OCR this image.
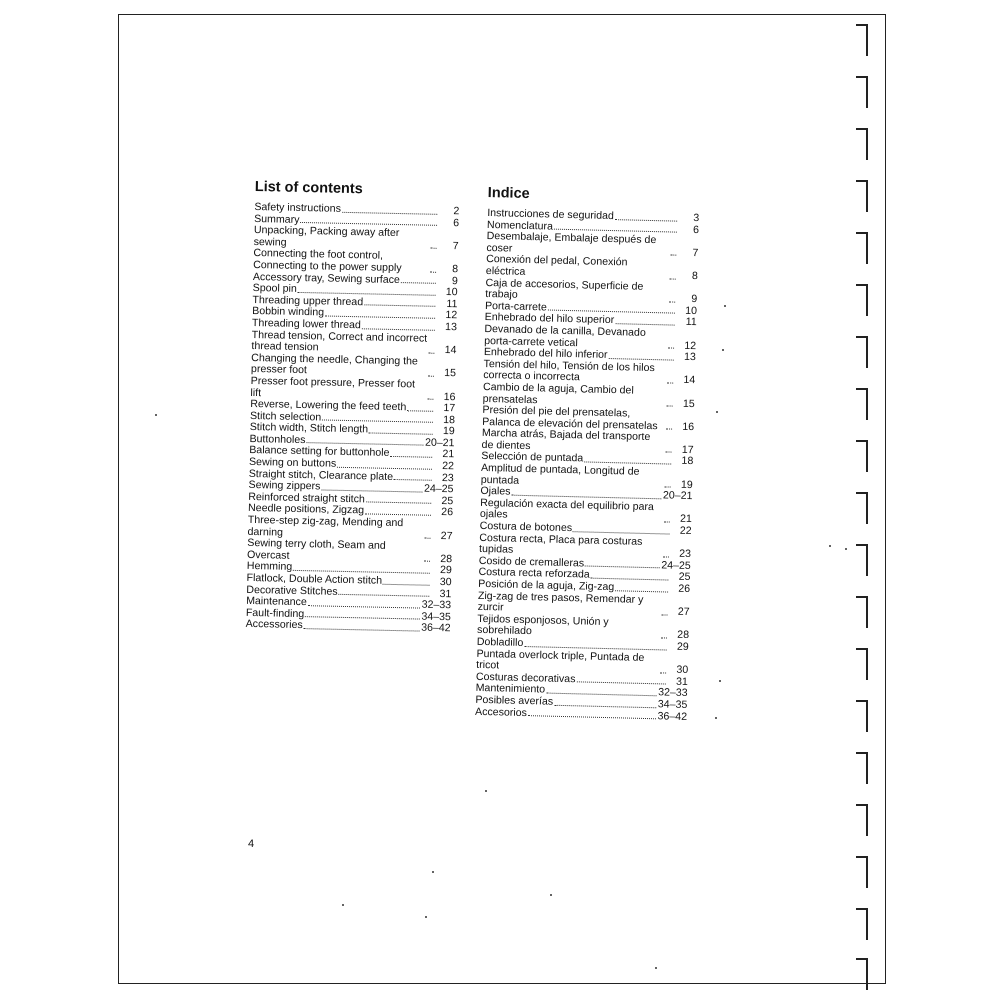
List of contents
Safety instructions	2
Summary	6
Unpacking, Packing away after sewing	7
Connecting the foot control, Connecting to the power supply	8
Accessory tray, Sewing surface	9
Spool pin	10
Threading upper thread	11
Bobbin winding	12
Threading lower thread	13
Thread tension, Correct and incorrect thread tension	14
Changing the needle, Changing the presser foot	15
Presser foot pressure, Presser foot lift	16
Reverse, Lowering the feed teeth	17
Stitch selection	18
Stitch width, Stitch length	19
Buttonholes	20–21
Balance setting for buttonhole	21
Sewing on buttons	22
Straight stitch, Clearance plate	23
Sewing zippers	24–25
Reinforced straight stitch	25
Needle positions, Zigzag	26
Three-step zig-zag, Mending and darning	27
Sewing terry cloth, Seam and Overcast	28
Hemming	29
Flatlock, Double Action stitch	30
Decorative Stitches	31
Maintenance	32–33
Fault-finding	34–35
Accessories	36–42
Indice
Instrucciones de seguridad	3
Nomenclatura	6
Desembalaje, Embalaje después de coser	7
Conexión del pedal, Conexión eléctrica	8
Caja de accesorios, Superficie de trabajo	9
Porta-carrete	10
Enhebrado del hilo superior	11
Devanado de la canilla, Devanado porta-carrete vetical	12
Enhebrado del hilo inferior	13
Tensión del hilo, Tensión de los hilos correcta o incorrecta	14
Cambio de la aguja, Cambio del prensatelas	15
Presión del pie del prensatelas, Palanca de elevación del prensatelas	16
Marcha atrás, Bajada del transporte de dientes	17
Selección de puntada	18
Amplitud de puntada, Longitud de puntada	19
Ojales	20–21
Regulación exacta del equilibrio para ojales	21
Costura de botones	22
Costura recta, Placa para costuras tupidas	23
Cosido de cremalleras	24–25
Costura recta reforzada	25
Posición de la aguja, Zig-zag	26
Zig-zag de tres pasos, Remendar y zurcir	27
Tejidos esponjosos, Unión y sobrehilado	28
Dobladillo	29
Puntada overlock triple, Puntada de tricot	30
Costuras decorativas	31
Mantenimiento	32–33
Posibles averías	34–35
Accesorios	36–42
4
